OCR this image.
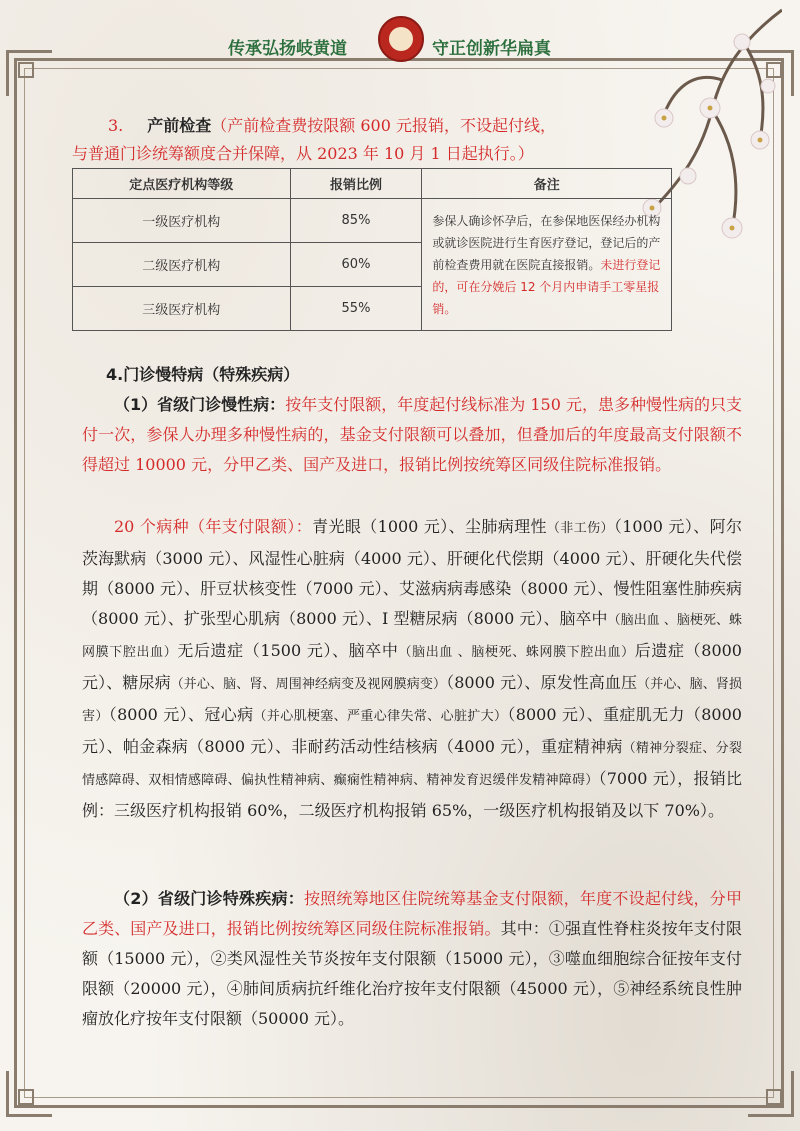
传承弘扬岐黄道	守正创新华扁真
3. 产前检查（产前检查费按限额 600 元报销，不设起付线，
与普通门诊统筹额度合并保障，从 2023 年 10 月 1 日起执行。）
定点医疗机构等级	报销比例	备注
一级医疗机构	85%	参保人确诊怀孕后，在参保地医保经办机构或就诊医院进行生育医疗登记，登记后的产前检查费用就在医院直接报销。未进行登记的，可在分娩后 12 个月内申请手工零星报销。
二级医疗机构	60%	
三级医疗机构	55%	
4.门诊慢特病（特殊疾病）
（1）省级门诊慢性病：按年支付限额，年度起付线标准为 150 元，患多种慢性病的只支付一次，参保人办理多种慢性病的，基金支付限额可以叠加，但叠加后的年度最高支付限额不得超过 10000 元，分甲乙类、国产及进口，报销比例按统筹区同级住院标准报销。
20 个病种（年支付限额）：青光眼（1000 元）、尘肺病理性（非工伤）（1000 元）、阿尔茨海默病（3000 元）、风湿性心脏病（4000 元）、肝硬化代偿期（4000 元）、肝硬化失代偿期（8000 元）、肝豆状核变性（7000 元）、艾滋病病毒感染（8000 元）、慢性阻塞性肺疾病（8000 元）、扩张型心肌病（8000 元）、I 型糖尿病（8000 元）、脑卒中（脑出血 、脑梗死、蛛网膜下腔出血）无后遗症（1500 元）、脑卒中（脑出血 、脑梗死、蛛网膜下腔出血）后遗症（8000 元）、糖尿病（并心、脑、肾、周围神经病变及视网膜病变）（8000 元）、原发性高血压（并心、脑、肾损害）（8000 元）、冠心病（并心肌梗塞、严重心律失常、心脏扩大）（8000 元）、重症肌无力（8000 元）、帕金森病（8000 元）、非耐药活动性结核病（4000 元），重症精神病（精神分裂症、分裂情感障碍、双相情感障碍、偏执性精神病、癫痫性精神病、精神发育迟缓伴发精神障碍）（7000 元），报销比例：三级医疗机构报销 60%，二级医疗机构报销 65%，一级医疗机构报销及以下 70%）。
（2）省级门诊特殊疾病：按照统筹地区住院统筹基金支付限额，年度不设起付线，分甲乙类、国产及进口，报销比例按统筹区同级住院标准报销。其中：①强直性脊柱炎按年支付限额（15000 元），②类风湿性关节炎按年支付限额（15000 元），③噬血细胞综合征按年支付限额（20000 元），④肺间质病抗纤维化治疗按年支付限额（45000 元），⑤神经系统良性肿瘤放化疗按年支付限额（50000 元）。
